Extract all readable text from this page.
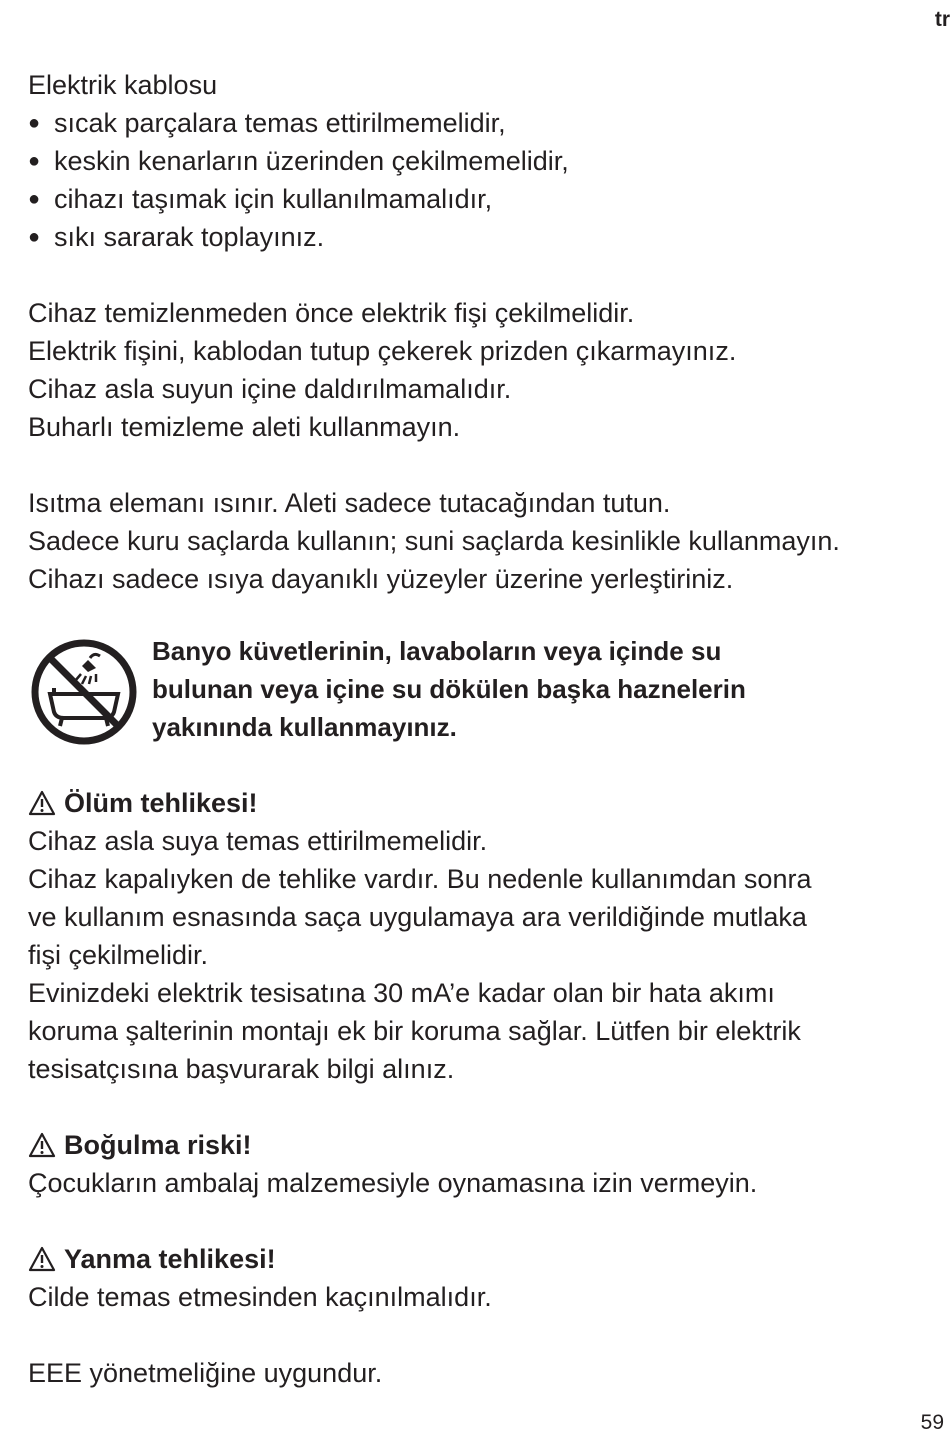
tr
Elektrik kablosu
● sıcak parçalara temas ettirilmemelidir,
● keskin kenarların üzerinden çekilmemelidir,
● cihazı taşımak için kullanılmamalıdır,
● sıkı sararak toplayınız.
Cihaz temizlenmeden önce elektrik fişi çekilmelidir.
Elektrik fişini, kablodan tutup çekerek prizden çıkarmayınız.
Cihaz asla suyun içine daldırılmamalıdır.
Buharlı temizleme aleti kullanmayın.
Isıtma elemanı ısınır. Aleti sadece tutacağından tutun.
Sadece kuru saçlarda kullanın; suni saçlarda kesinlikle kullanmayın.
Cihazı sadece ısıya dayanıklı yüzeyler üzerine yerleştiriniz.
Banyo küvetlerinin, lavaboların veya içinde su
bulunan veya içine su dökülen başka haznelerin
yakınında kullanmayınız.
Ölüm tehlikesi!
Cihaz asla suya temas ettirilmemelidir.
Cihaz kapalıyken de tehlike vardır. Bu nedenle kullanımdan sonra
ve kullanım esnasında saça uygulamaya ara verildiğinde mutlaka
fişi çekilmelidir.
Evinizdeki elektrik tesisatına 30 mA’e kadar olan bir hata akımı
koruma şalterinin montajı ek bir koruma sağlar. Lütfen bir elektrik
tesisatçısına başvurarak bilgi alınız.
Boğulma riski!
Çocukların ambalaj malzemesiyle oynamasına izin vermeyin.
Yanma tehlikesi!
Cilde temas etmesinden kaçınılmalıdır.
EEE yönetmeliğine uygundur.
59
